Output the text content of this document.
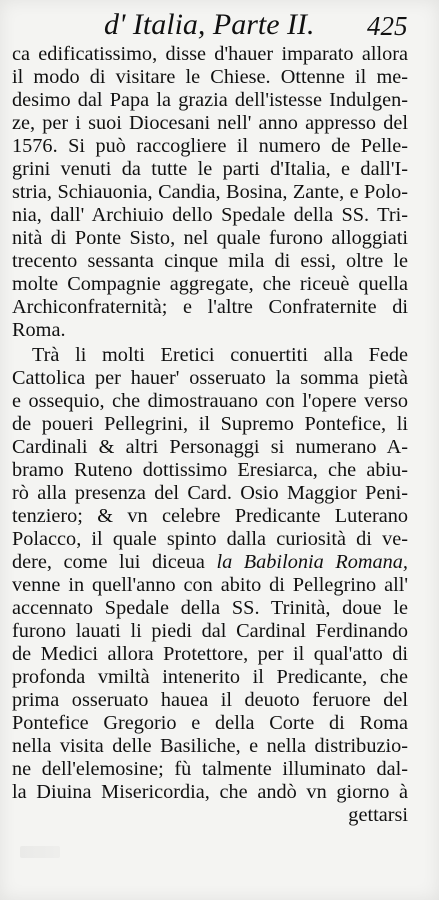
d' Italia, Parte II. 425
ca edificatissimo, disse d'hauer imparato allora
il modo di visitare le Chiese. Ottenne il me-
desimo dal Papa la grazia dell'istesse Indulgen-
ze, per i suoi Diocesani nell' anno appresso del
1576. Si può raccogliere il numero de Pelle-
grini venuti da tutte le parti d'Italia, e dall'I-
stria, Schiauonia, Candia, Bosina, Zante, e Polo-
nia, dall' Archiuio dello Spedale della SS. Tri-
nità di Ponte Sisto, nel quale furono alloggiati
trecento sessanta cinque mila di essi, oltre le
molte Compagnie aggregate, che riceuè quella
Archiconfraternità; e l'altre Confraternite di
Roma.
Trà li molti Eretici conuertiti alla Fede
Cattolica per hauer' osseruato la somma pietà
e ossequio, che dimostrauano con l'opere verso
de poueri Pellegrini, il Supremo Pontefice, li
Cardinali & altri Personaggi si numerano A-
bramo Ruteno dottissimo Eresiarca, che abiu-
rò alla presenza del Card. Osio Maggior Peni-
tenziero; & vn celebre Predicante Luterano
Polacco, il quale spinto dalla curiosità di ve-
dere, come lui diceua la Babilonia Romana,
venne in quell'anno con abito di Pellegrino all'
accennato Spedale della SS. Trinità, doue le
furono lauati li piedi dal Cardinal Ferdinando
de Medici allora Protettore, per il qual'atto di
profonda vmiltà intenerito il Predicante, che
prima osseruato hauea il deuoto feruore del
Pontefice Gregorio e della Corte di Roma
nella visita delle Basiliche, e nella distribuzio-
ne dell'elemosine; fù talmente illuminato dal-
la Diuina Misericordia, che andò vn giorno à
gettarsi
